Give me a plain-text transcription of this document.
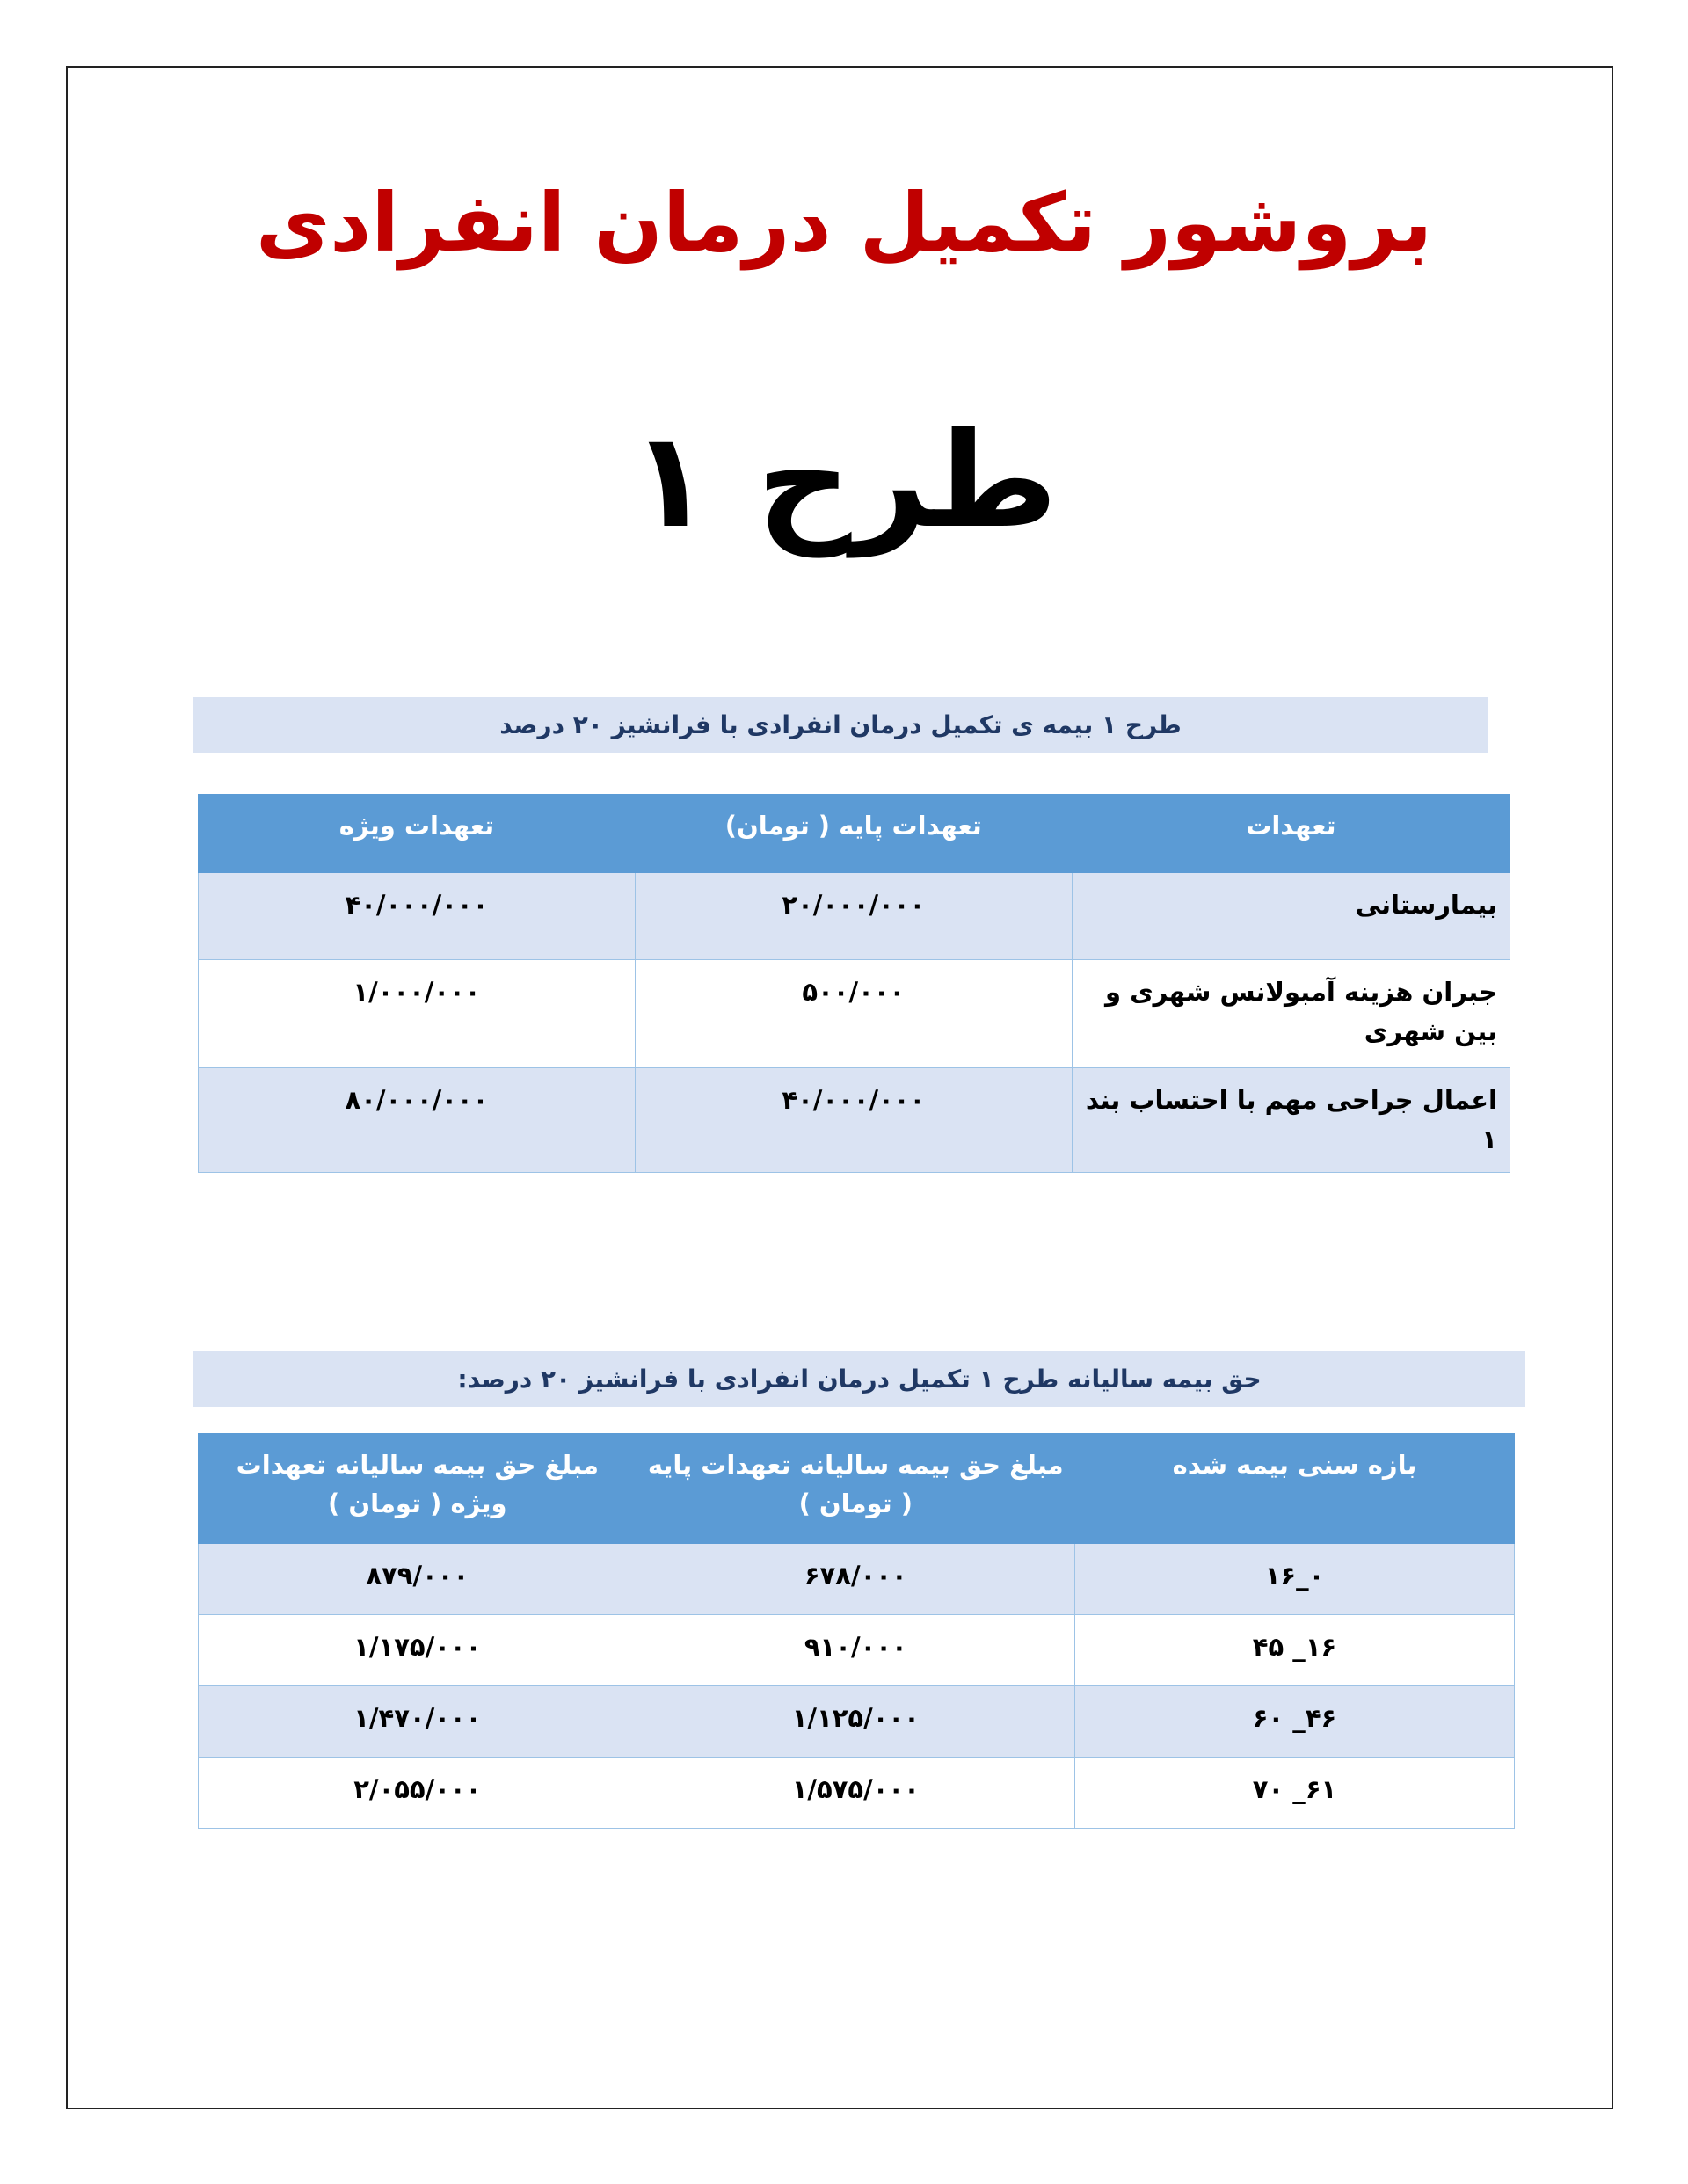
بروشور تکمیل درمان انفرادی
طرح ۱
طرح ۱ بیمه ی تکمیل درمان انفرادی با فرانشیز ۲۰ درصد
تعهدات	تعهدات پایه ( تومان)	تعهدات ویژه
بیمارستانی	۲۰/۰۰۰/۰۰۰	۴۰/۰۰۰/۰۰۰
جبران هزینه آمبولانس شهری و بین شهری	۵۰۰/۰۰۰	۱/۰۰۰/۰۰۰
اعمال جراحی مهم با احتساب بند ۱	۴۰/۰۰۰/۰۰۰	۸۰/۰۰۰/۰۰۰
حق بیمه سالیانه طرح ۱ تکمیل درمان انفرادی با فرانشیز ۲۰ درصد:
بازه سنی بیمه شده	مبلغ حق بیمه سالیانه تعهدات پایه ( تومان )	مبلغ حق بیمه سالیانه تعهدات ویژه ( تومان )
۰_۱۶	۶۷۸/۰۰۰	۸۷۹/۰۰۰
۱۶_ ۴۵	۹۱۰/۰۰۰	۱/۱۷۵/۰۰۰
۴۶_ ۶۰	۱/۱۲۵/۰۰۰	۱/۴۷۰/۰۰۰
۶۱_ ۷۰	۱/۵۷۵/۰۰۰	۲/۰۵۵/۰۰۰
